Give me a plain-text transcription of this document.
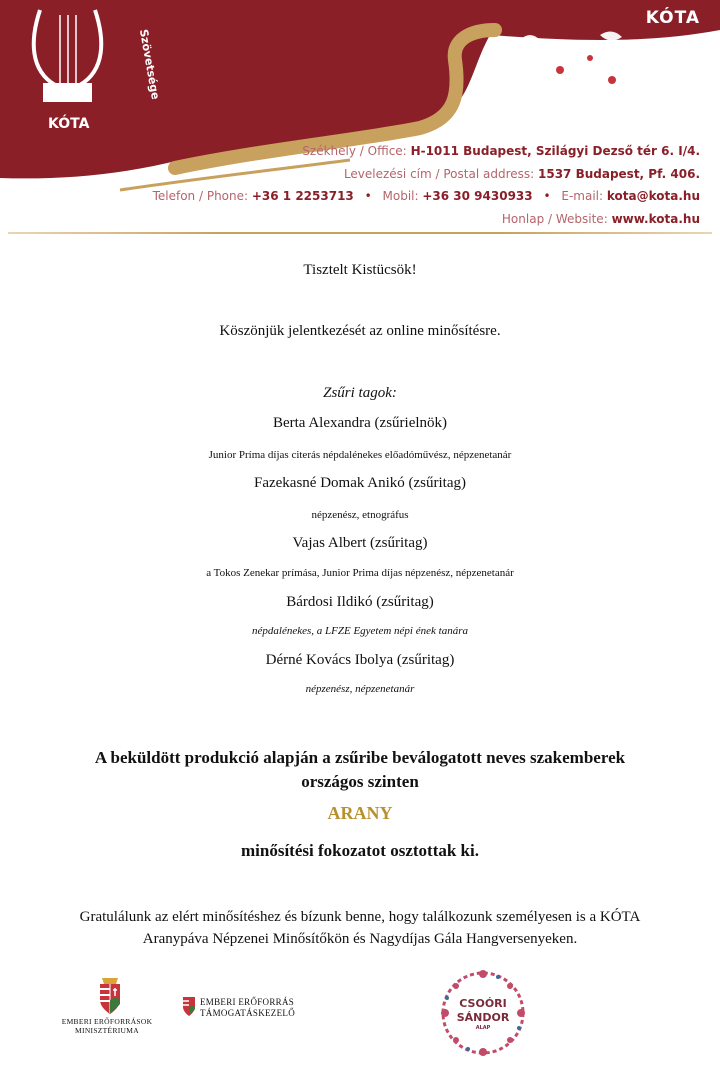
KÓTA
KÓTA
Szövetsége
Székhely / Office: H-1011 Budapest, Szilágyi Dezső tér 6. I/4.
Levelezési cím / Postal address: 1537 Budapest, Pf. 406.
Telefon / Phone: +36 1 2253713 • Mobil: +36 30 9430933 • E-mail: kota@kota.hu
Honlap / Website: www.kota.hu
Tisztelt Kistücsök!
Köszönjük jelentkezését az online minősítésre.
Zsűri tagok:
Berta Alexandra (zsűrielnök)
Junior Príma díjas citerás népdalénekes előadóművész, népzenetanár
Fazekasné Domak Anikó (zsűritag)
népzenész, etnográfus
Vajas Albert (zsűritag)
a Tokos Zenekar prímása, Junior Prima díjas népzenész, népzenetanár
Bárdosi Ildikó (zsűritag)
népdalénekes, a LFZE Egyetem népi ének tanára
Dérné Kovács Ibolya (zsűritag)
népzenész, népzenetanár
A beküldött produkció alapján a zsűribe beválogatott neves szakemberek
országos szinten
ARANY
minősítési fokozatot osztottak ki.
Gratulálunk az elért minősítéshez és bízunk benne, hogy találkozunk személyesen is a KÓTA
Aranypáva Népzenei Minősítőkön és Nagydíjas Gála Hangversenyeken.
EMBERI ERŐFORRÁSOK
MINISZTÉRIUMA
EMBERI ERŐFORRÁS
TÁMOGATÁSKEZELŐ
CSOÓRI
SÁNDOR
ALAP
